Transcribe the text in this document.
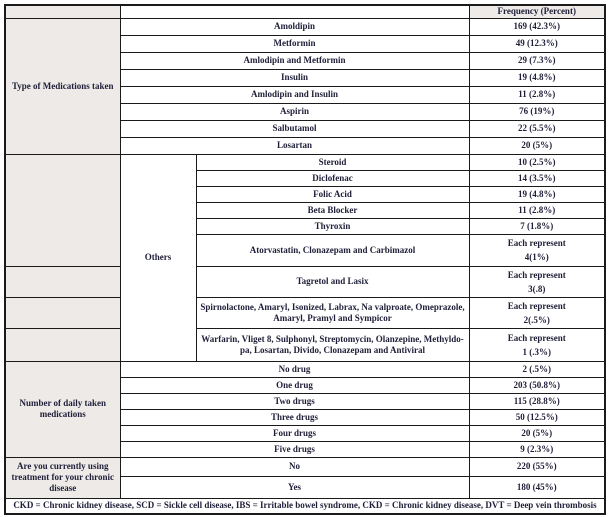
			Frequency (Percent)
Type of Medications taken	Amoldipin		169 (42.3%)
	Metformin		49 (12.3%)
	Amlodipin and Metformin		29 (7.3%)
	Insulin		19 (4.8%)
	Amlodipin and Insulin		11 (2.8%)
	Aspirin		76 (19%)
	Salbutamol		22 (5.5%)
	Losartan		20 (5%)
	Others	Steroid	10 (2.5%)
		Diclofenac	14 (3.5%)
		Folic Acid	19 (4.8%)
		Beta Blocker	11 (2.8%)
		Thyroxin	7 (1.8%)
		Atorvastatin, Clonazepam and Carbimazol	Each represent
4(1%)

		Tagretol and Lasix	Each represent
3(.8)

		Spirnolactone, Amaryl, Isonized, Labrax, Na valproate, Omeprazole, Amaryl, Pramyl and Sympicor	Each represent
2(.5%)

		Warfarin, Vliget 8, Sulphonyl, Streptomycin, Olanzepine, Methyldo-pa, Losartan, Divido, Clonazepam and Antiviral	Each represent
1 (.3%)

Number of daily taken medications	No drug		2 (.5%)
	One drug		203 (50.8%)
	Two drugs		115 (28.8%)
	Three drugs		50 (12.5%)
	Four drugs		20 (5%)
	Five drugs		9 (2.3%)
Are you currently using treatment for your chronic disease	No		220 (55%)
	Yes		180 (45%)
CKD = Chronic kidney disease, SCD = Sickle cell disease, IBS = Irritable bowel syndrome, CKD = Chronic kidney disease, DVT = Deep vein thrombosis			
